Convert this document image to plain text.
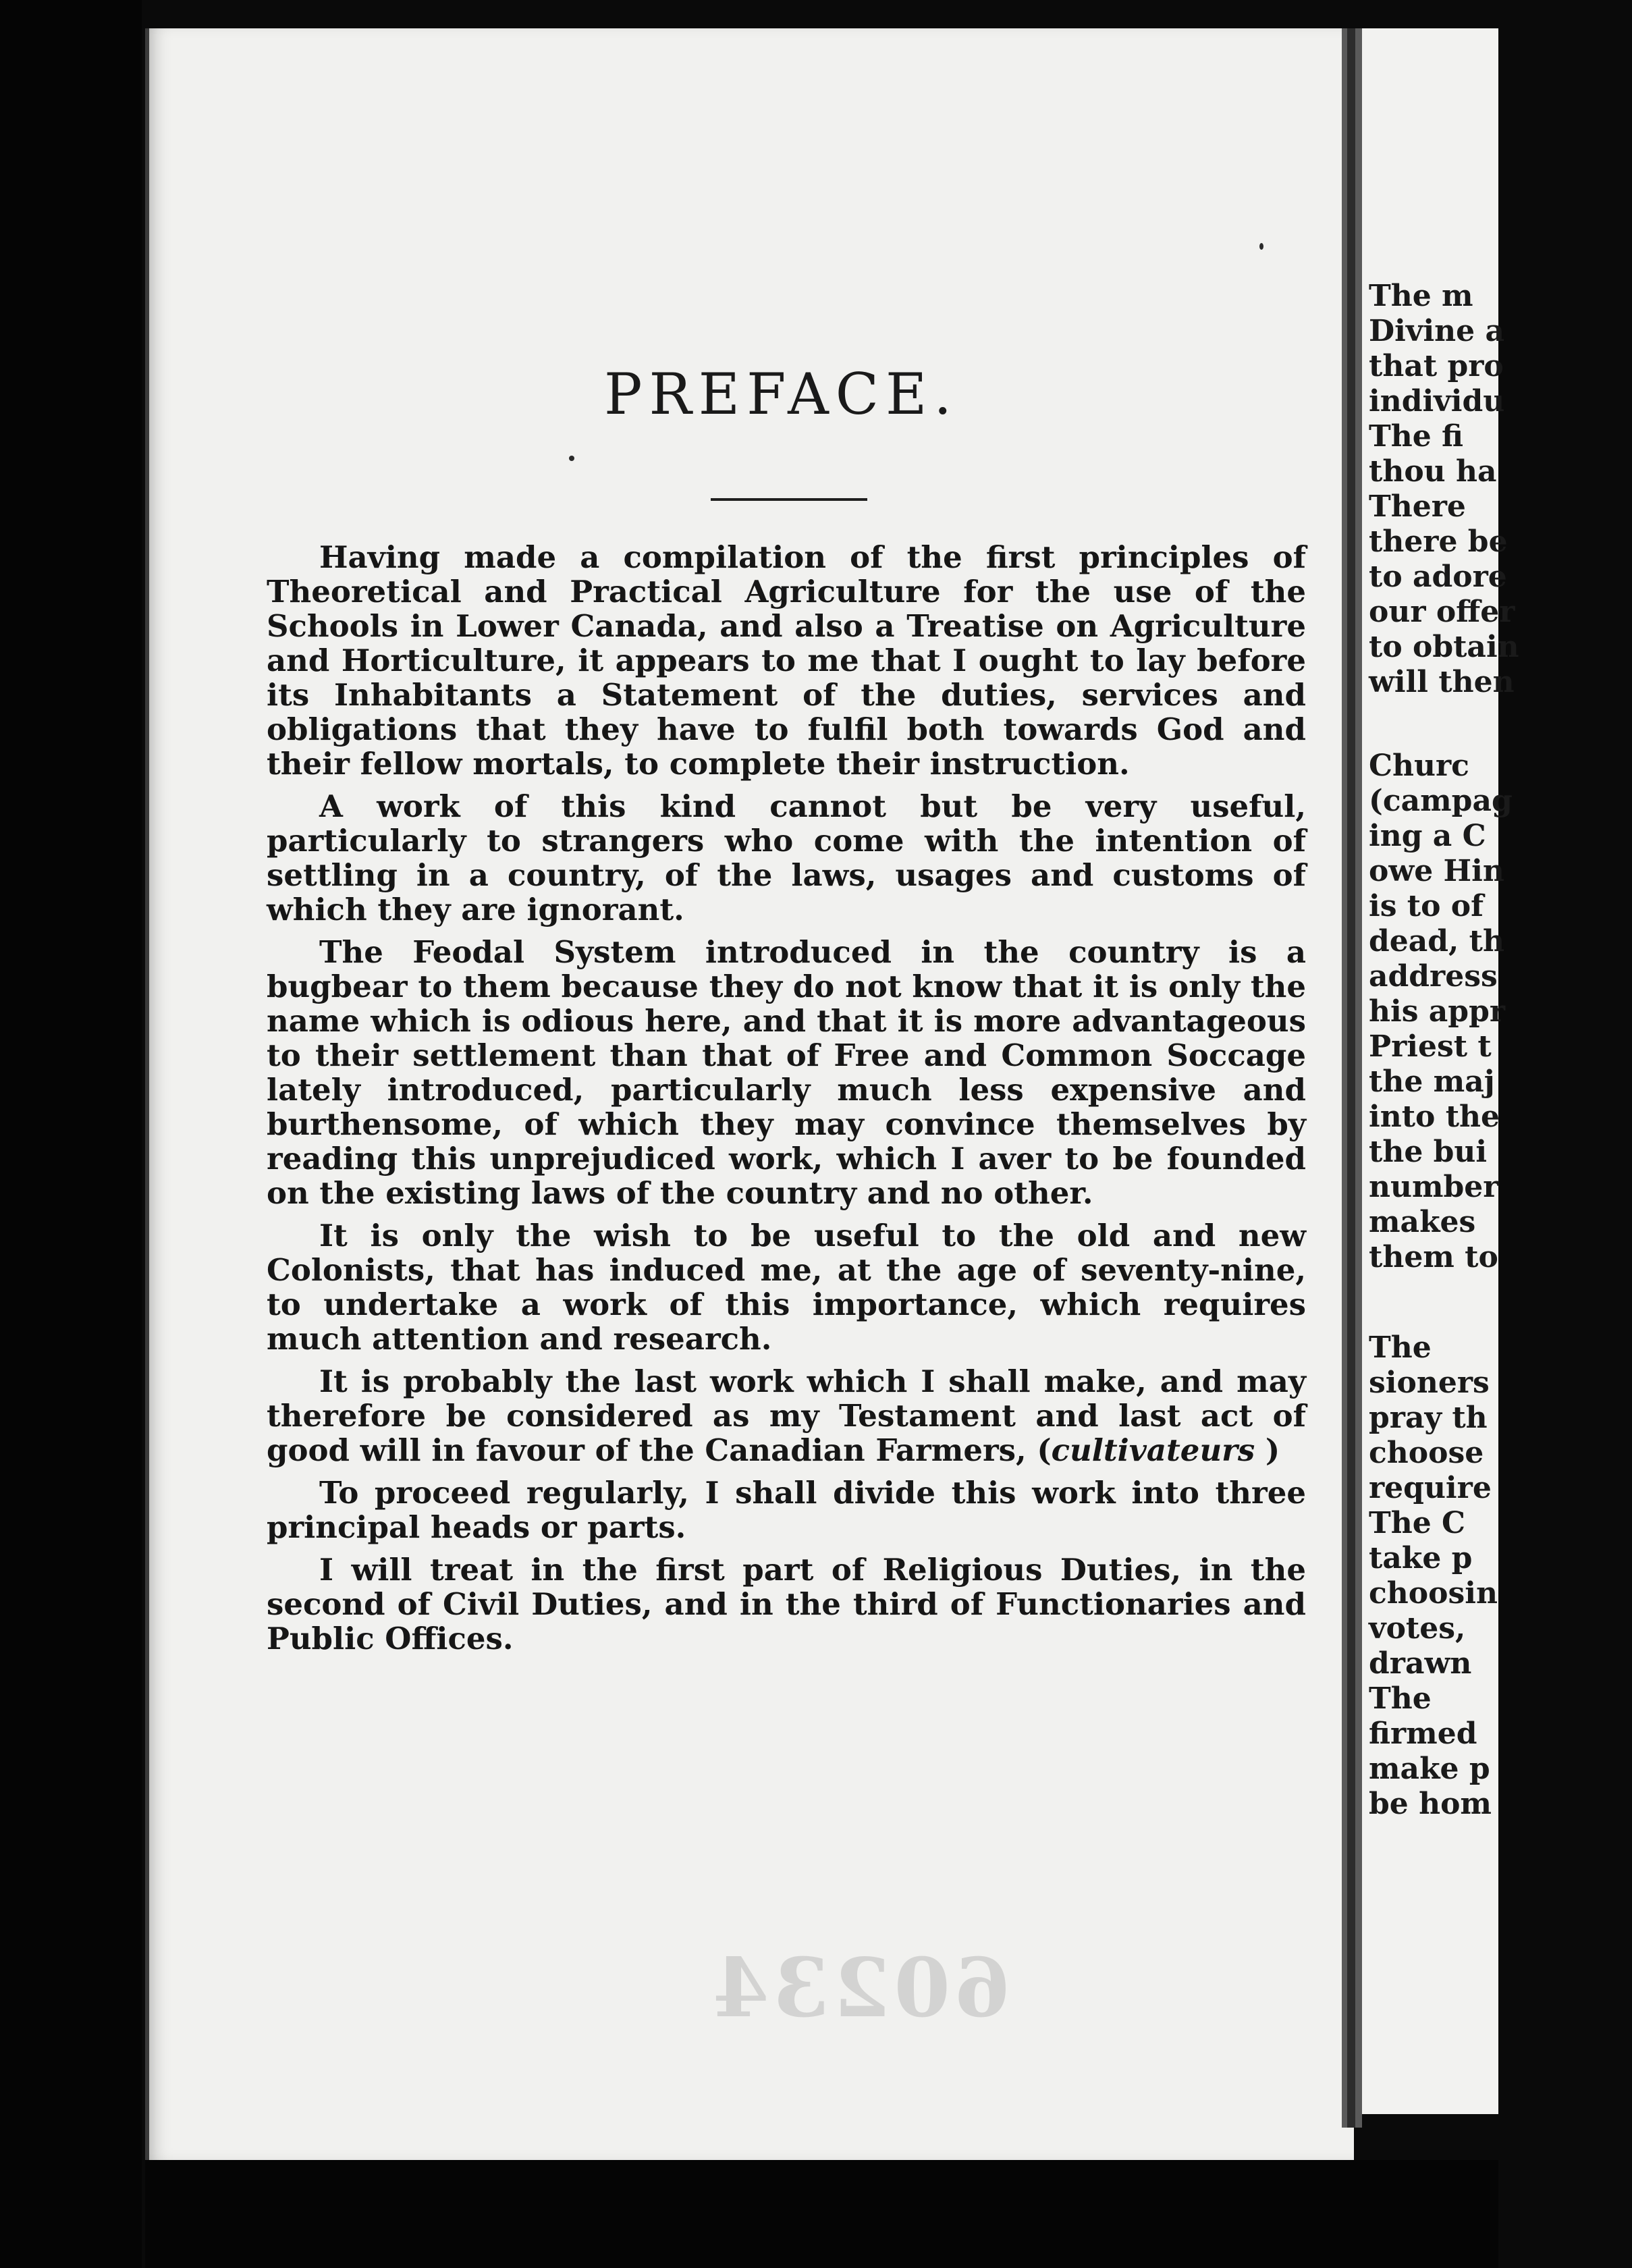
The m
Divine a
that pro
individu
The fi
thou ha
There
there be
to adore
our offer
to obtain
will then
Churc
(campag
ing a C
owe Hin
is to of
dead, th
address
his appr
Priest t
the maj
into the
the bui
number
makes
them to
The
sioners
pray th
choose
require
The C
take p
choosin
votes,
drawn
The
firmed
make p
be hom
PREFACE.

Having made a compilation of the first principles of Theoretical and Practical Agriculture for the use of the Schools in Lower Canada, and also a Treatise on Agriculture and Horticulture, it appears to me that I ought to lay before its Inhabitants a Statement of the duties, services and obligations that they have to fulfil both towards God and their fellow mortals, to complete their instruction.

A work of this kind cannot but be very useful, particularly to strangers who come with the intention of settling in a country, of the laws, usages and customs of which they are ignorant.

The Feodal System introduced in the country is a bugbear to them because they do not know that it is only the name which is odious here, and that it is more advantageous to their settlement than that of Free and Common Soccage lately introduced, particularly much less expensive and burthensome, of which they may convince themselves by reading this unprejudiced work, which I aver to be founded on the existing laws of the country and no other.

It is only the wish to be useful to the old and new Colonists, that has induced me, at the age of seventy-nine, to undertake a work of this importance, which requires much attention and research.

It is probably the last work which I shall make, and may therefore be considered as my Testament and last act of good will in favour of the Canadian Farmers, (cultivateurs )

To proceed regularly, I shall divide this work into three principal heads or parts.

I will treat in the first part of Religious Duties, in the second of Civil Duties, and in the third of Functionaries and Public Offices.

60234
